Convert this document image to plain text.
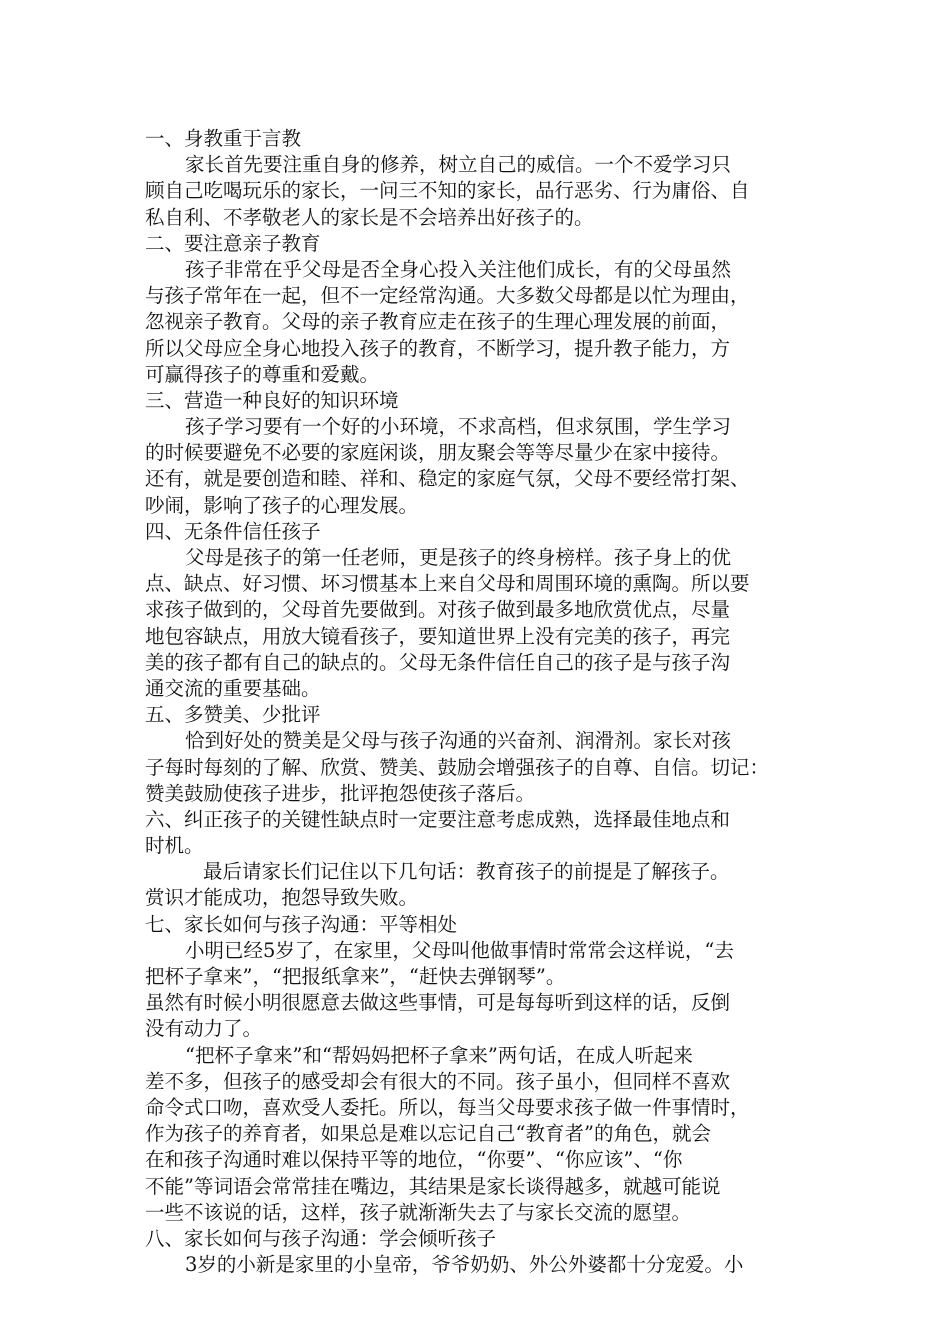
一、身教重于言教
家长首先要注重自身的修养，树立自己的威信。一个不爱学习只
顾自己吃喝玩乐的家长，一问三不知的家长，品行恶劣、行为庸俗、自
私自利、不孝敬老人的家长是不会培养出好孩子的。
二、要注意亲子教育
孩子非常在乎父母是否全身心投入关注他们成长，有的父母虽然
与孩子常年在一起，但不一定经常沟通。大多数父母都是以忙为理由，
忽视亲子教育。父母的亲子教育应走在孩子的生理心理发展的前面，
所以父母应全身心地投入孩子的教育，不断学习，提升教子能力，方
可赢得孩子的尊重和爱戴。
三、营造一种良好的知识环境
孩子学习要有一个好的小环境，不求高档，但求氛围，学生学习
的时候要避免不必要的家庭闲谈，朋友聚会等等尽量少在家中接待。
还有，就是要创造和睦、祥和、稳定的家庭气氛，父母不要经常打架、
吵闹，影响了孩子的心理发展。
四、无条件信任孩子
父母是孩子的第一任老师，更是孩子的终身榜样。孩子身上的优
点、缺点、好习惯、坏习惯基本上来自父母和周围环境的熏陶。所以要
求孩子做到的，父母首先要做到。对孩子做到最多地欣赏优点，尽量
地包容缺点，用放大镜看孩子，要知道世界上没有完美的孩子，再完
美的孩子都有自己的缺点的。父母无条件信任自己的孩子是与孩子沟
通交流的重要基础。
五、多赞美、少批评
恰到好处的赞美是父母与孩子沟通的兴奋剂、润滑剂。家长对孩
子每时每刻的了解、欣赏、赞美、鼓励会增强孩子的自尊、自信。切记：
赞美鼓励使孩子进步，批评抱怨使孩子落后。
六、纠正孩子的关键性缺点时一定要注意考虑成熟，选择最佳地点和
时机。
最后请家长们记住以下几句话：教育孩子的前提是了解孩子。
赏识才能成功，抱怨导致失败。
七、家长如何与孩子沟通：平等相处
小明已经5岁了，在家里，父母叫他做事情时常常会这样说，“去
把杯子拿来”，“把报纸拿来”，“赶快去弹钢琴”。
虽然有时候小明很愿意去做这些事情，可是每每听到这样的话，反倒
没有动力了。
“把杯子拿来”和“帮妈妈把杯子拿来”两句话，在成人听起来
差不多，但孩子的感受却会有很大的不同。孩子虽小，但同样不喜欢
命令式口吻，喜欢受人委托。所以，每当父母要求孩子做一件事情时，
作为孩子的养育者，如果总是难以忘记自己“教育者”的角色，就会
在和孩子沟通时难以保持平等的地位，“你要”、“你应该”、“你
不能”等词语会常常挂在嘴边，其结果是家长谈得越多，就越可能说
一些不该说的话，这样，孩子就渐渐失去了与家长交流的愿望。
八、家长如何与孩子沟通：学会倾听孩子
3岁的小新是家里的小皇帝，爷爷奶奶、外公外婆都十分宠爱。小
